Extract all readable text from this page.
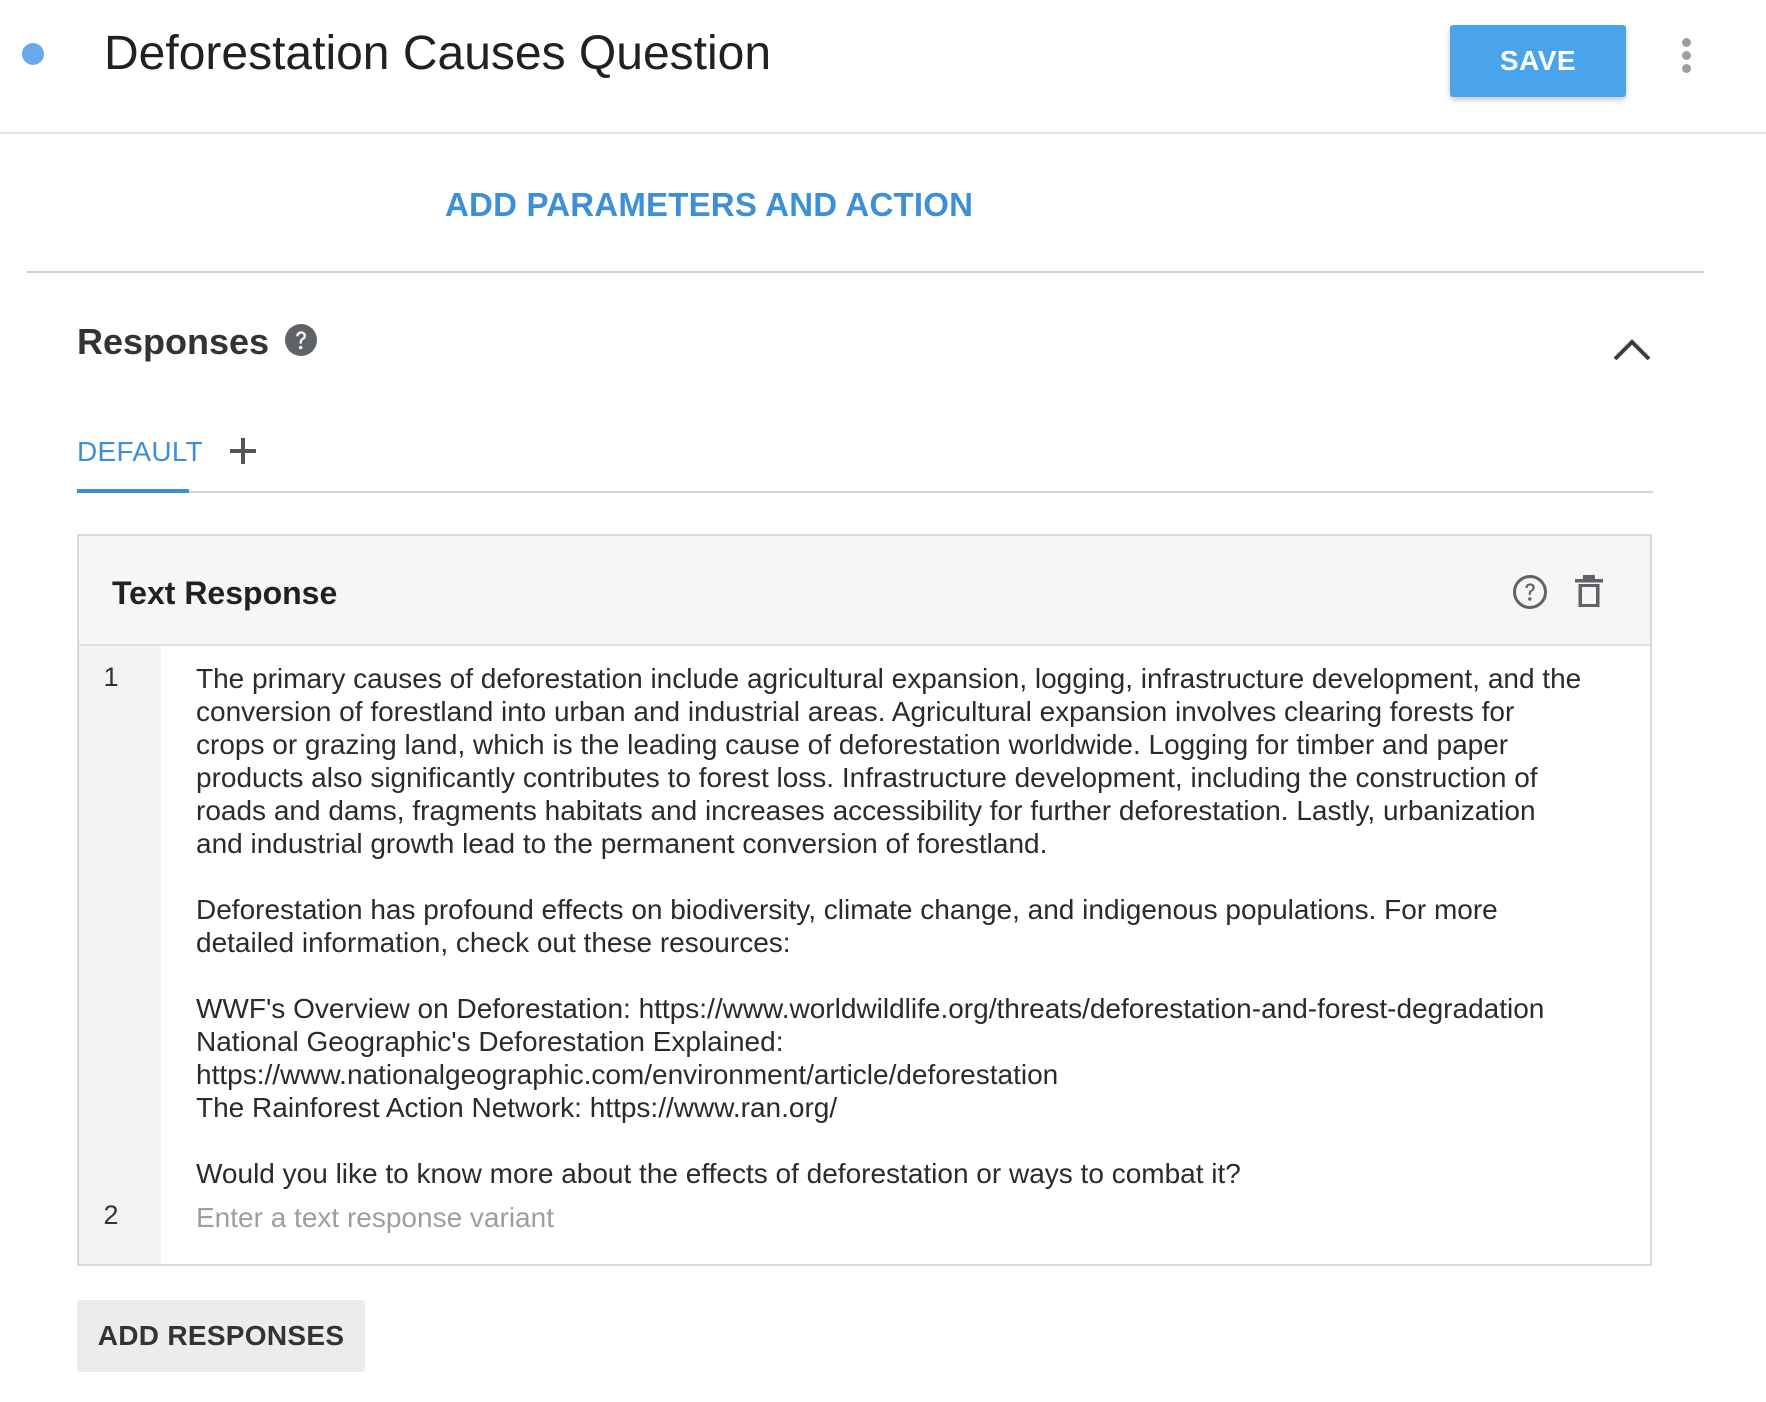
Deforestation Causes Question	SAVE
ADD PARAMETERS AND ACTION
Responses
DEFAULT
Text Response
1
2
The primary causes of deforestation include agricultural expansion, logging, infrastructure development, and the
conversion of forestland into urban and industrial areas. Agricultural expansion involves clearing forests for
crops or grazing land, which is the leading cause of deforestation worldwide. Logging for timber and paper
products also significantly contributes to forest loss. Infrastructure development, including the construction of
roads and dams, fragments habitats and increases accessibility for further deforestation. Lastly, urbanization
and industrial growth lead to the permanent conversion of forestland.

Deforestation has profound effects on biodiversity, climate change, and indigenous populations. For more
detailed information, check out these resources:

WWF's Overview on Deforestation: https://www.worldwildlife.org/threats/deforestation-and-forest-degradation
National Geographic's Deforestation Explained:
https://www.nationalgeographic.com/environment/article/deforestation
The Rainforest Action Network: https://www.ran.org/

Would you like to know more about the effects of deforestation or ways to combat it?
Enter a text response variant
ADD RESPONSES
